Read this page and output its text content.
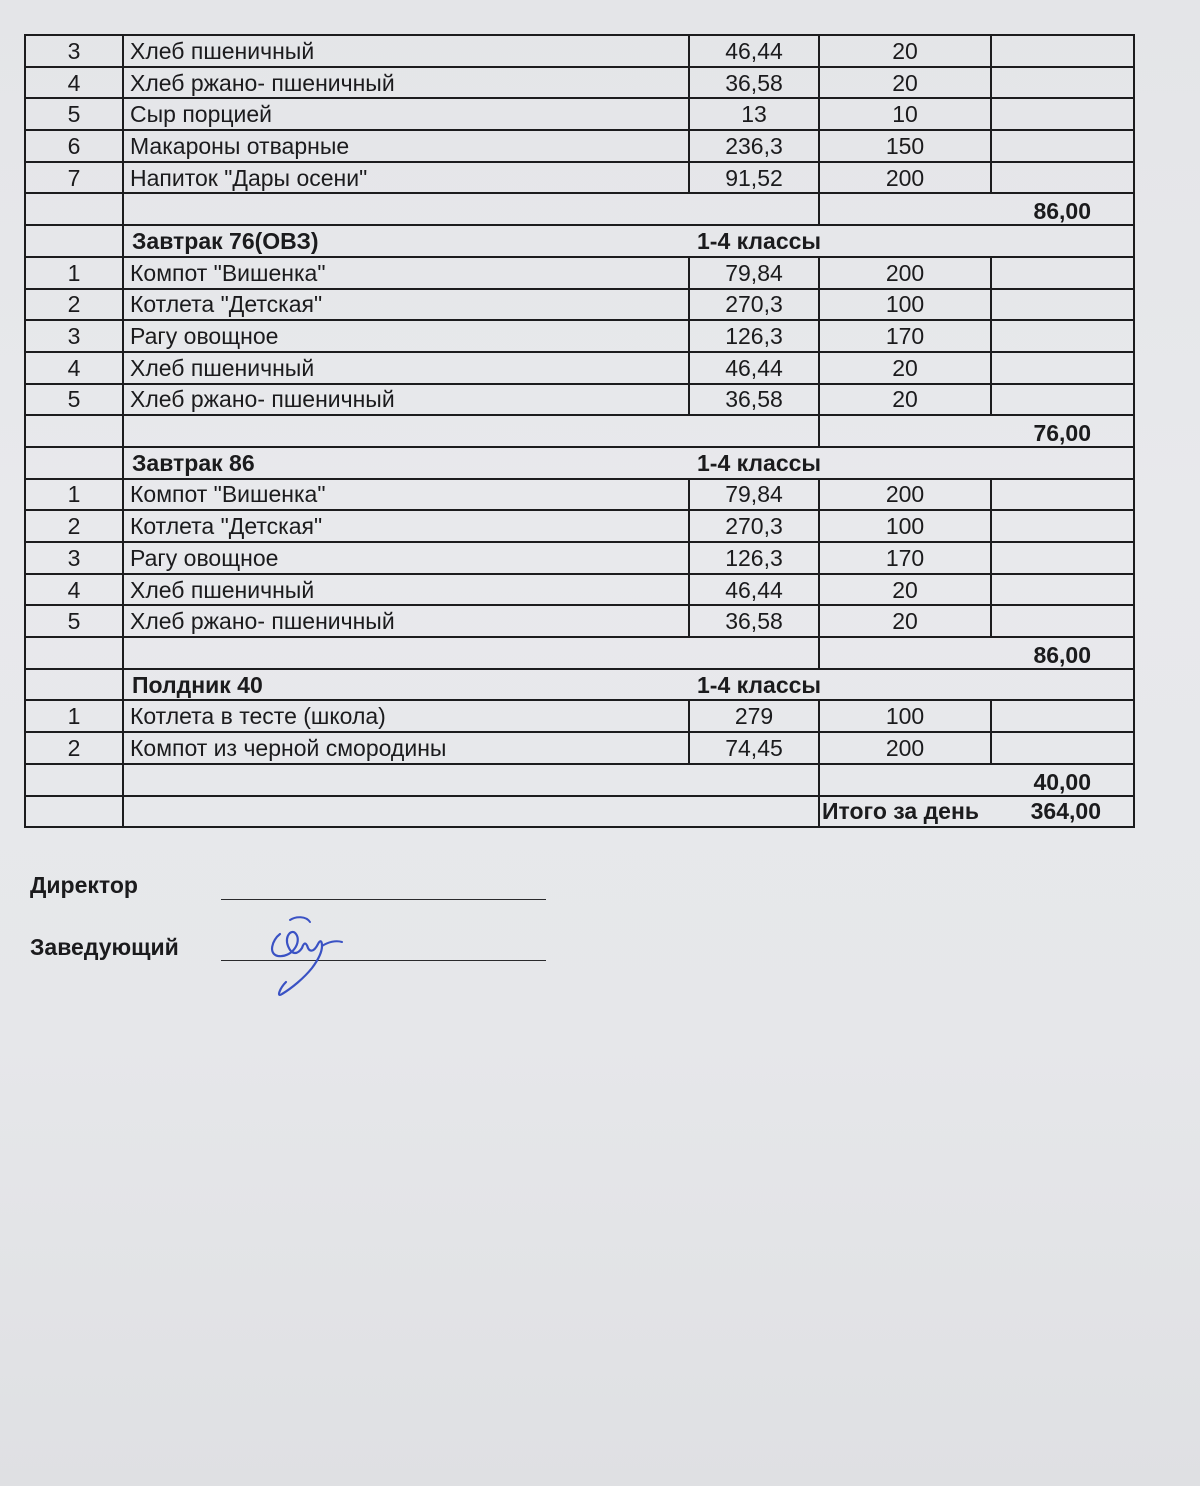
3	Хлеб пшеничный	46,44	20	
4	Хлеб ржано- пшеничный	36,58	20	
5	Сыр порцией	13	10	
6	Макароны отварные	236,3	150	
7	Напиток "Дары осени"	91,52	200	
			86,00	
	Завтрак 76(ОВЗ)	1-4 классы		
1	Компот "Вишенка"	79,84	200	
2	Котлета "Детская"	270,3	100	
3	Рагу овощное	126,3	170	
4	Хлеб пшеничный	46,44	20	
5	Хлеб ржано- пшеничный	36,58	20	
			76,00	
	Завтрак 86	1-4 классы		
1	Компот "Вишенка"	79,84	200	
2	Котлета "Детская"	270,3	100	
3	Рагу овощное	126,3	170	
4	Хлеб пшеничный	46,44	20	
5	Хлеб ржано- пшеничный	36,58	20	
			86,00	
	Полдник 40	1-4 классы		
1	Котлета в тесте (школа)	279	100	
2	Компот из черной смородины	74,45	200	
			40,00	
			Итого за день	364,00
Директор
Заведующий
